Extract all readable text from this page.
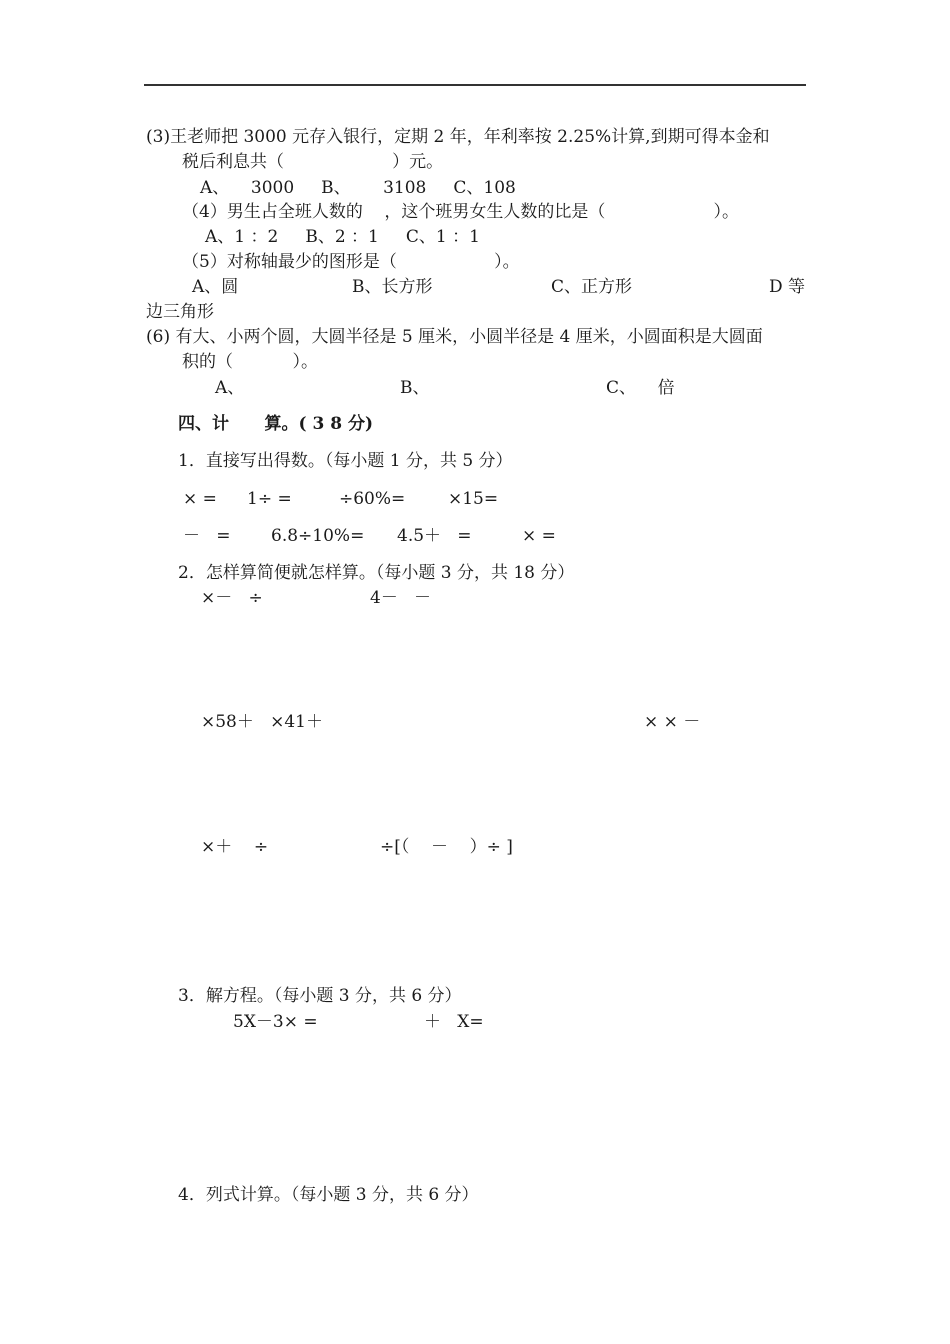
(3)王老师把 3000 元存入银行，定期 2 年，年利率按 2.25%计算,到期可得本金和
税后利息共（                    ）元。
A、    3000     B、      3108     C、108
（4）男生占全班人数的    ，这个班男女生人数的比是（                    ）。
A、1 ：2     B、2 ：1     C、1 ：1
（5）对称轴最少的图形是（                  ）。
A、圆	B、长方形	C、正方形	D 等
边三角形
(6) 有大、小两个圆，大圆半径是 5 厘米，小圆半径是 4 厘米，小圆面积是大圆面
积的（           ）。
A、	B、	C、    倍
四、计      算。( 3 8 分)
1．直接写出得数。（每小题 1 分，共 5 分）
× = 1÷ =	÷60%=	×15=
－   = 6.8÷10%= 4.5＋   =	× =
2．怎样算简便就怎样算。（每小题 3 分，共 18 分）
×－   ÷	4－   －
×58＋   ×41＋	× × －
×＋    ÷	÷[（    －    ）÷ ]
3．解方程。（每小题 3 分，共 6 分）
5X－3× =	＋   X=
4．列式计算。（每小题 3 分，共 6 分）
